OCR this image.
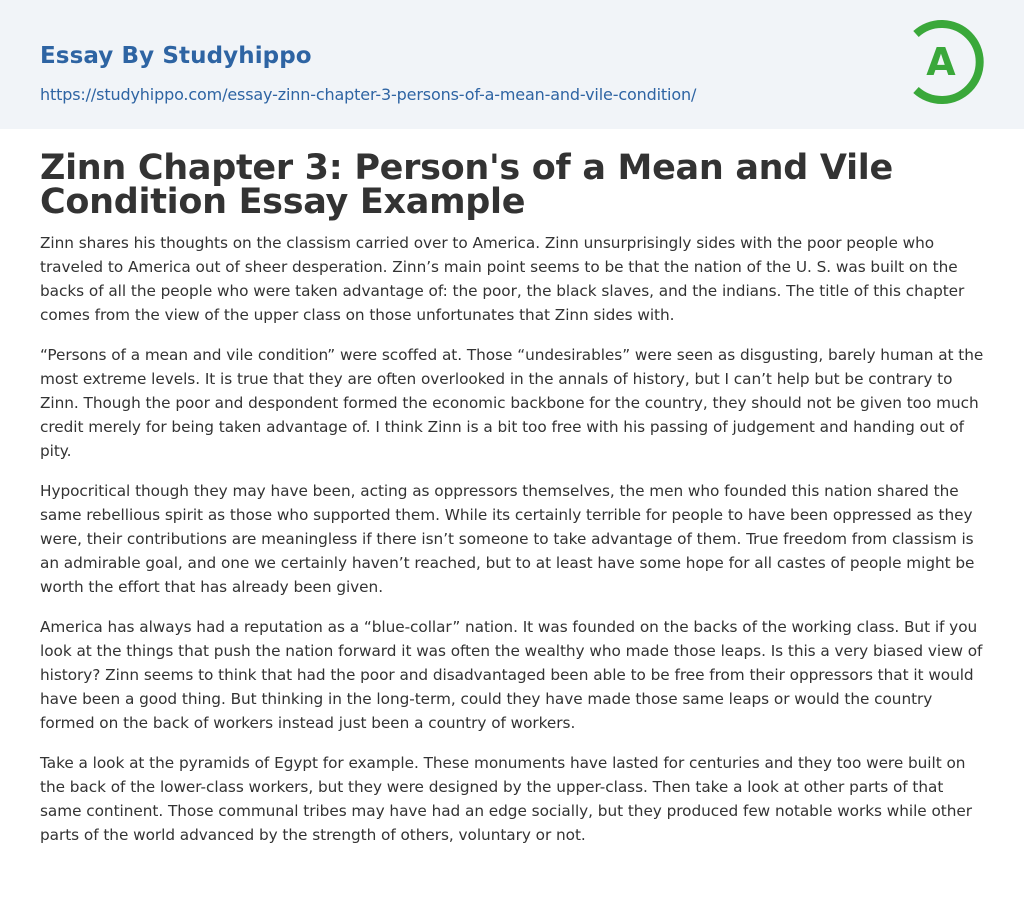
Essay By Studyhippo
https://studyhippo.com/essay-zinn-chapter-3-persons-of-a-mean-and-vile-condition/
A
Zinn Chapter 3: Person's of a Mean and Vile Condition Essay Example

Zinn shares his thoughts on the classism carried over to America. Zinn unsurprisingly sides with the poor people who traveled to America out of sheer desperation. Zinn’s main point seems to be that the nation of the U. S. was built on the backs of all the people who were taken advantage of: the poor, the black slaves, and the indians. The title of this chapter comes from the view of the upper class on those unfortunates that Zinn sides with.

“Persons of a mean and vile condition” were scoffed at. Those “undesirables” were seen as disgusting, barely human at the most extreme levels. It is true that they are often overlooked in the annals of history, but I can’t help but be contrary to Zinn. Though the poor and despondent formed the economic backbone for the country, they should not be given too much credit merely for being taken advantage of. I think Zinn is a bit too free with his passing of judgement and handing out of pity.

Hypocritical though they may have been, acting as oppressors themselves, the men who founded this nation shared the same rebellious spirit as those who supported them. While its certainly terrible for people to have been oppressed as they were, their contributions are meaningless if there isn’t someone to take advantage of them. True freedom from classism is an admirable goal, and one we certainly haven’t reached, but to at least have some hope for all castes of people might be worth the effort that has already been given.

America has always had a reputation as a “blue-collar” nation. It was founded on the backs of the working class. But if you look at the things that push the nation forward it was often the wealthy who made those leaps. Is this a very biased view of history? Zinn seems to think that had the poor and disadvantaged been able to be free from their oppressors that it would have been a good thing. But thinking in the long-term, could they have made those same leaps or would the country formed on the back of workers instead just been a country of workers.

Take a look at the pyramids of Egypt for example. These monuments have lasted for centuries and they too were built on the back of the lower-class workers, but they were designed by the upper-class. Then take a look at other parts of that same continent. Those communal tribes may have had an edge socially, but they produced few notable works while other parts of the world advanced by the strength of others, voluntary or not.
